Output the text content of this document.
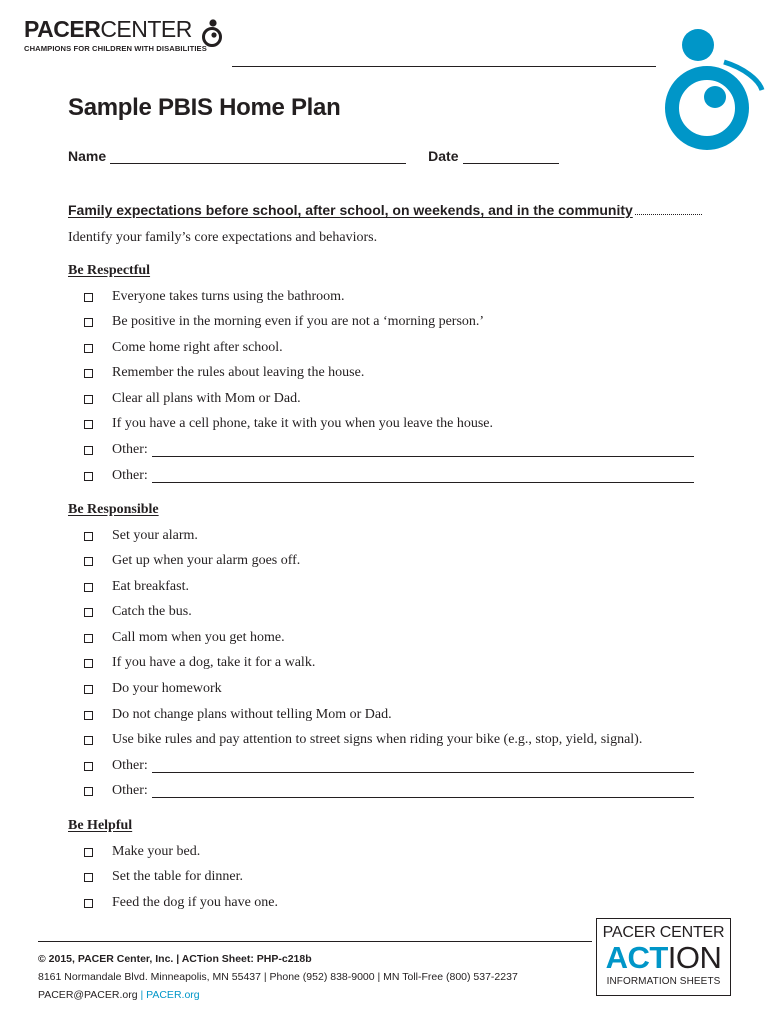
PACERCENTER
CHAMPIONS FOR CHILDREN WITH DISABILITIES
Sample PBIS Home Plan
Name	Date
Family expectations before school, after school, on weekends, and in the community
Identify your family’s core expectations and behaviors.
Be Respectful
Everyone takes turns using the bathroom.
Be positive in the morning even if you are not a ‘morning person.’
Come home right after school.
Remember the rules about leaving the house.
Clear all plans with Mom or Dad.
If you have a cell phone, take it with you when you leave the house.
Other:
Other:
Be Responsible
Set your alarm.
Get up when your alarm goes off.
Eat breakfast.
Catch the bus.
Call mom when you get home.
If you have a dog, take it for a walk.
Do your homework
Do not change plans without telling Mom or Dad.
Use bike rules and pay attention to street signs when riding your bike (e.g., stop, yield, signal).
Other:
Other:
Be Helpful
Make your bed.
Set the table for dinner.
Feed the dog if you have one.
© 2015, PACER Center, Inc. | ACTion Sheet: PHP-c218b
8161 Normandale Blvd. Minneapolis, MN 55437 | Phone (952) 838-9000 | MN Toll-Free (800) 537-2237
PACER@PACER.org | PACER.org
PACER CENTER
ACTION
INFORMATION SHEETS
